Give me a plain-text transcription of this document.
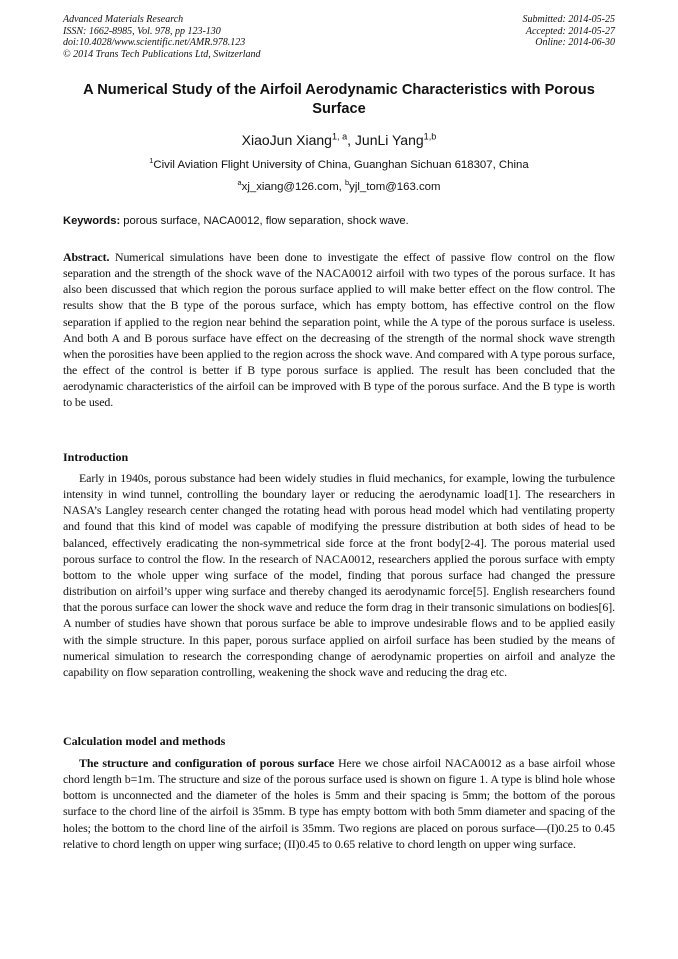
Advanced Materials Research
ISSN: 1662-8985, Vol. 978, pp 123-130
doi:10.4028/www.scientific.net/AMR.978.123
© 2014 Trans Tech Publications Ltd, Switzerland
Submitted: 2014-05-25
Accepted: 2014-05-27
Online: 2014-06-30
A Numerical Study of the Airfoil Aerodynamic Characteristics with Porous Surface
XiaoJun Xiang$^{1, a}$, JunLi Yang$^{1,b}$
$^1$Civil Aviation Flight University of China, Guanghan Sichuan 618307, China
$^a$xj_xiang@126.com, $^b$yjl_tom@163.com
Keywords: porous surface, NACA0012, flow separation, shock wave.
Abstract. Numerical simulations have been done to investigate the effect of passive flow control on the flow separation and the strength of the shock wave of the NACA0012 airfoil with two types of the porous surface. It has also been discussed that which region the porous surface applied to will make better effect on the flow control. The results show that the B type of the porous surface, which has empty bottom, has effective control on the flow separation if applied to the region near behind the separation point, while the A type of the porous surface is useless. And both A and B porous surface have effect on the decreasing of the strength of the normal shock wave strength when the porosities have been applied to the region across the shock wave. And compared with A type porous surface, the effect of the control is better if B type porous surface is applied. The result has been concluded that the aerodynamic characteristics of the airfoil can be improved with B type of the porous surface. And the B type is worth to be used.
Introduction
Early in 1940s, porous substance had been widely studies in fluid mechanics, for example, lowing the turbulence intensity in wind tunnel, controlling the boundary layer or reducing the aerodynamic load[1]. The researchers in NASA’s Langley research center changed the rotating head with porous head model which had ventilating property and found that this kind of model was capable of modifying the pressure distribution at both sides of head to be balanced, effectively eradicating the non-symmetrical side force at the front body[2-4]. The porous material used porous surface to control the flow. In the research of NACA0012, researchers applied the porous surface with empty bottom to the whole upper wing surface of the model, finding that porous surface had changed the pressure distribution on airfoil’s upper wing surface and thereby changed its aerodynamic force[5]. English researchers found that the porous surface can lower the shock wave and reduce the form drag in their transonic simulations on bodies[6]. A number of studies have shown that porous surface be able to improve undesirable flows and to be applied easily with the simple structure. In this paper, porous surface applied on airfoil surface has been studied by the means of numerical simulation to research the corresponding change of aerodynamic properties on airfoil and analyze the capability on flow separation controlling, weakening the shock wave and reducing the drag etc.
Calculation model and methods
The structure and configuration of porous surface Here we chose airfoil NACA0012 as a base airfoil whose chord length b=1m. The structure and size of the porous surface used is shown on figure 1. A type is blind hole whose bottom is unconnected and the diameter of the holes is 5mm and their spacing is 5mm; the bottom of the porous surface to the chord line of the airfoil is 35mm. B type has empty bottom with both 5mm diameter and spacing of the holes; the bottom to the chord line of the airfoil is 35mm. Two regions are placed on porous surface—(I)0.25 to 0.45 relative to chord length on upper wing surface; (II)0.45 to 0.65 relative to chord length on upper wing surface.
